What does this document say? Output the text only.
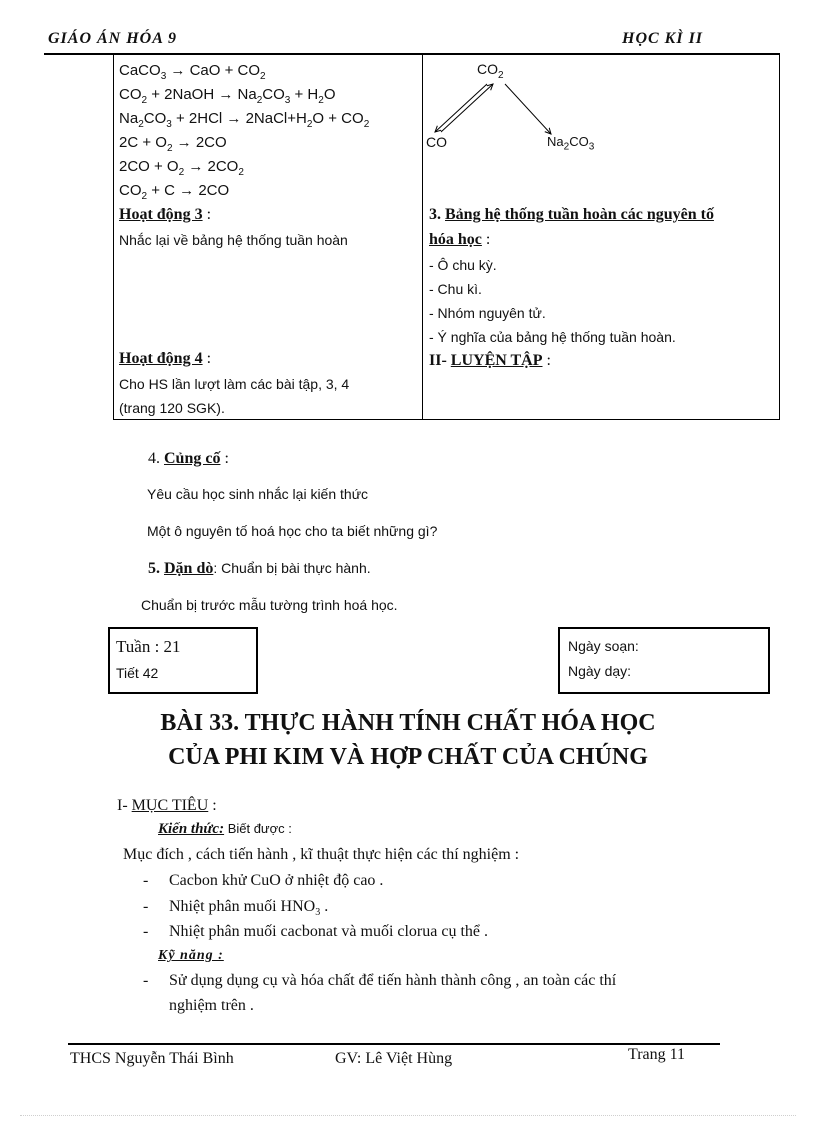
GIÁO ÁN HÓA 9	HỌC KÌ II
CaCO$_3$ → CaO + $CO_2$
$CO_2$ + 2NaOH → $Na_2CO_3 + H_2O$
$Na_2CO_3 + 2HCl$ → $2NaCl+H_2O + CO_2$
$2C + O_2 \to 2CO$
$2CO + O_2 \to 2CO_2$
$CO_2 + C \to 2CO$
Hoạt động 3 :
Nhắc lại về bảng hệ thống tuần hoàn
Hoạt động 4 :
Cho HS lần lượt làm các bài tập, 3, 4
(trang 120 SGK).
$CO_2$
CO	$Na_2CO_3$
3. Bảng hệ thống tuần hoàn các nguyên tố
hóa học :
- Ô chu kỳ.
- Chu kì.
- Nhóm nguyên tử.
- Ý nghĩa của bảng hệ thống tuần hoàn.
II- LUYỆN TẬP :
4. Củng cố :
Yêu cầu học sinh nhắc lại kiến thức
Một ô nguyên tố hoá học cho ta biết những gì?
5. Dặn dò: Chuẩn bị bài thực hành.
Chuẩn bị trước mẫu tường trình hoá học.
Tuần : 21
Tiết 42
Ngày soạn:
Ngày dạy:
BÀI 33. THỰC HÀNH TÍNH CHẤT HÓA HỌC
CỦA PHI KIM VÀ HỢP CHẤT CỦA CHÚNG
I- MỤC TIÊU :
Kiến thức: Biết được :
Mục đích , cách tiến hành , kĩ thuật thực hiện các thí nghiệm :
- Cacbon khử CuO ở nhiệt độ cao .
- Nhiệt phân muối $HNO_3$ .
- Nhiệt phân muối cacbonat và muối clorua cụ thể .
Kỹ năng :
- Sử dụng dụng cụ và hóa chất để tiến hành thành công , an toàn các thí
nghiệm trên .
THCS Nguyễn Thái Bình	GV: Lê Việt Hùng	Trang 11
